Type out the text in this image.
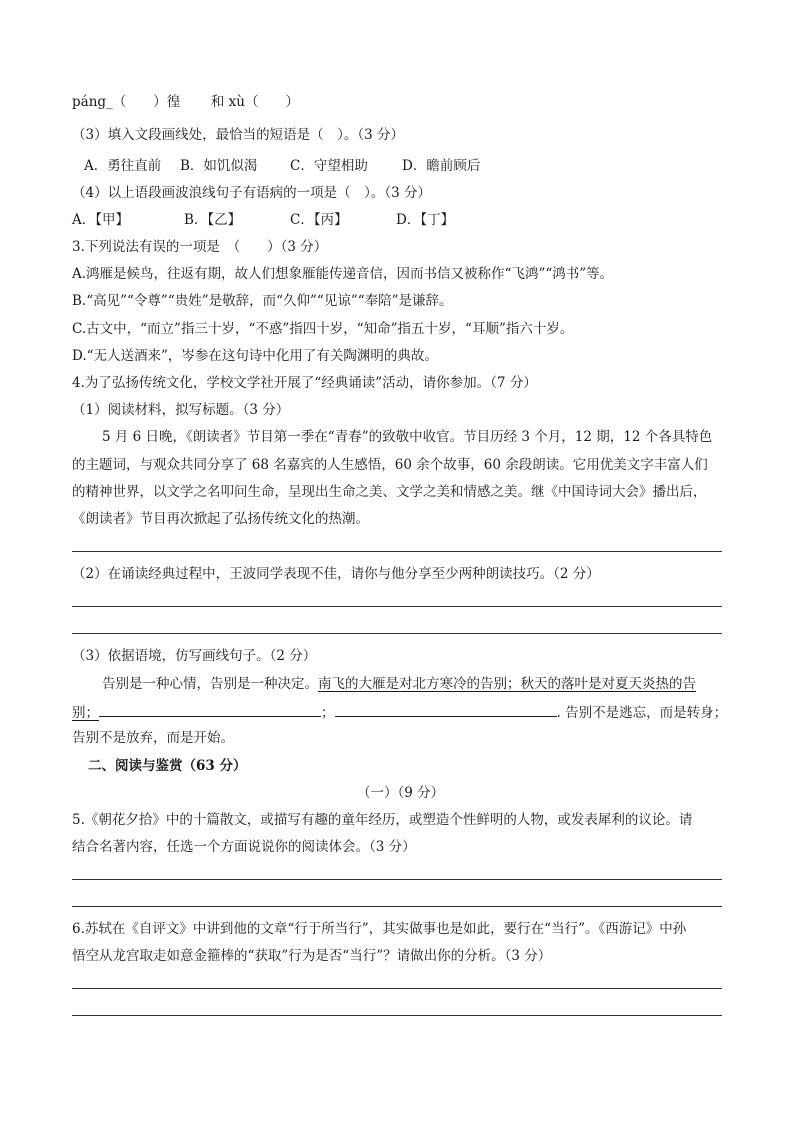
páng_（　　）徨 和 xù（　　）
（3）填入文段画线处，最恰当的短语是（　）。（3 分）
A．勇往直前 B．如饥似渴 C．守望相助	D．瞻前顾后
（4）以上语段画波浪线句子有语病的一项是（　）。（3 分）
A．【甲】	B．【乙】	C．【丙】	D．【丁】
3.下列说法有误的一项是　（　　）（3 分）
A.鸿雁是候鸟，往返有期，故人们想象雁能传递音信，因而书信又被称作“飞鸿”“鸿书”等。
B.“高见”“令尊”“贵姓”是敬辞，而“久仰”“见谅”“奉陪”是谦辞。
C.古文中，“而立”指三十岁，“不惑”指四十岁，“知命”指五十岁，“耳顺”指六十岁。
D.“无人送酒来”，岑参在这句诗中化用了有关陶渊明的典故。
4.为了弘扬传统文化，学校文学社开展了“经典诵读”活动，请你参加。（7 分）
（1）阅读材料，拟写标题。（3 分）
5 月 6 日晚，《朗读者》节目第一季在“青春”的致敬中收官。节目历经 3 个月，12 期，12 个各具特色
的主题词，与观众共同分享了 68 名嘉宾的人生感悟，60 余个故事，60 余段朗读。它用优美文字丰富人们
的精神世界，以文学之名叩问生命，呈现出生命之美、文学之美和情感之美。继《中国诗词大会》播出后，
《朗读者》节目再次掀起了弘扬传统文化的热潮。
（2）在诵读经典过程中，王波同学表现不佳，请你与他分享至少两种朗读技巧。（2 分）
（3）依据语境，仿写画线句子。（2 分）
告别是一种心情，告别是一种决定。南飞的大雁是对北方寒冷的告别；秋天的落叶是对夏天炎热的告
别；	；	. 告别不是逃忘，而是转身；
告别不是放弃，而是开始。
二、阅读与鉴赏（63 分）
（一）（9 分）
5.《朝花夕拾》中的十篇散文，或描写有趣的童年经历，或塑造个性鲜明的人物，或发表犀利的议论。请
结合名著内容，任选一个方面说说你的阅读体会。（3 分）
6.苏轼在《自评文》中讲到他的文章“行于所当行”，其实做事也是如此，要行在“当行”。《西游记》中孙
悟空从龙宫取走如意金箍棒的“获取”行为是否“当行”？请做出你的分析。（3 分）
